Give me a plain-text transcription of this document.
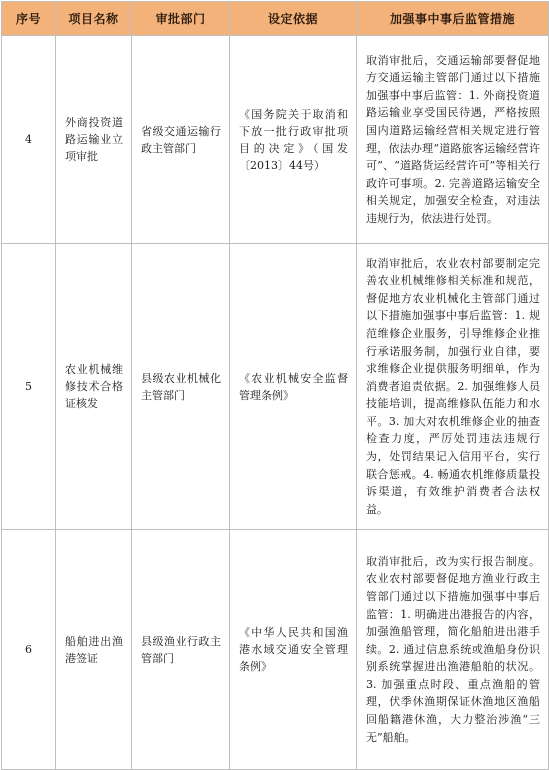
序号	项目名称	审批部门	设定依据	加强事中事后监管措施
4	外商投资道路运输业立项审批	省级交通运输行政主管部门	《国务院关于取消和下放一批行政审批项目的决定》（国发〔2013〕44号）	取消审批后，交通运输部要督促地方交通运输主管部门通过以下措施加强事中事后监管：1. 外商投资道路运输业享受国民待遇，严格按照国内道路运输经营相关规定进行管理，依法办理“道路旅客运输经营许可”、“道路货运经营许可”等相关行政许可事项。2. 完善道路运输安全相关规定，加强安全检查，对违法违规行为，依法进行处罚。
5	农业机械维修技术合格证核发	县级农业机械化主管部门	《农业机械安全监督管理条例》	取消审批后，农业农村部要制定完善农业机械维修相关标准和规范，督促地方农业机械化主管部门通过以下措施加强事中事后监管：1. 规范维修企业服务，引导维修企业推行承诺服务制，加强行业自律，要求维修企业提供服务明细单，作为消费者追责依据。2. 加强维修人员技能培训，提高维修队伍能力和水平。3. 加大对农机维修企业的抽查检查力度，严厉处罚违法违规行为，处罚结果记入信用平台，实行联合惩戒。4. 畅通农机维修质量投诉渠道，有效维护消费者合法权益。
6	船舶进出渔港签证	县级渔业行政主管部门	《中华人民共和国渔港水域交通安全管理条例》	取消审批后，改为实行报告制度。农业农村部要督促地方渔业行政主管部门通过以下措施加强事中事后监管：1. 明确进出港报告的内容，加强渔船管理，简化船舶进出港手续。2. 通过信息系统或渔船身份识别系统掌握进出渔港船舶的状况。3. 加强重点时段、重点渔船的管理，伏季休渔期保证休渔地区渔船回船籍港休渔，大力整治涉渔“三无”船舶。
